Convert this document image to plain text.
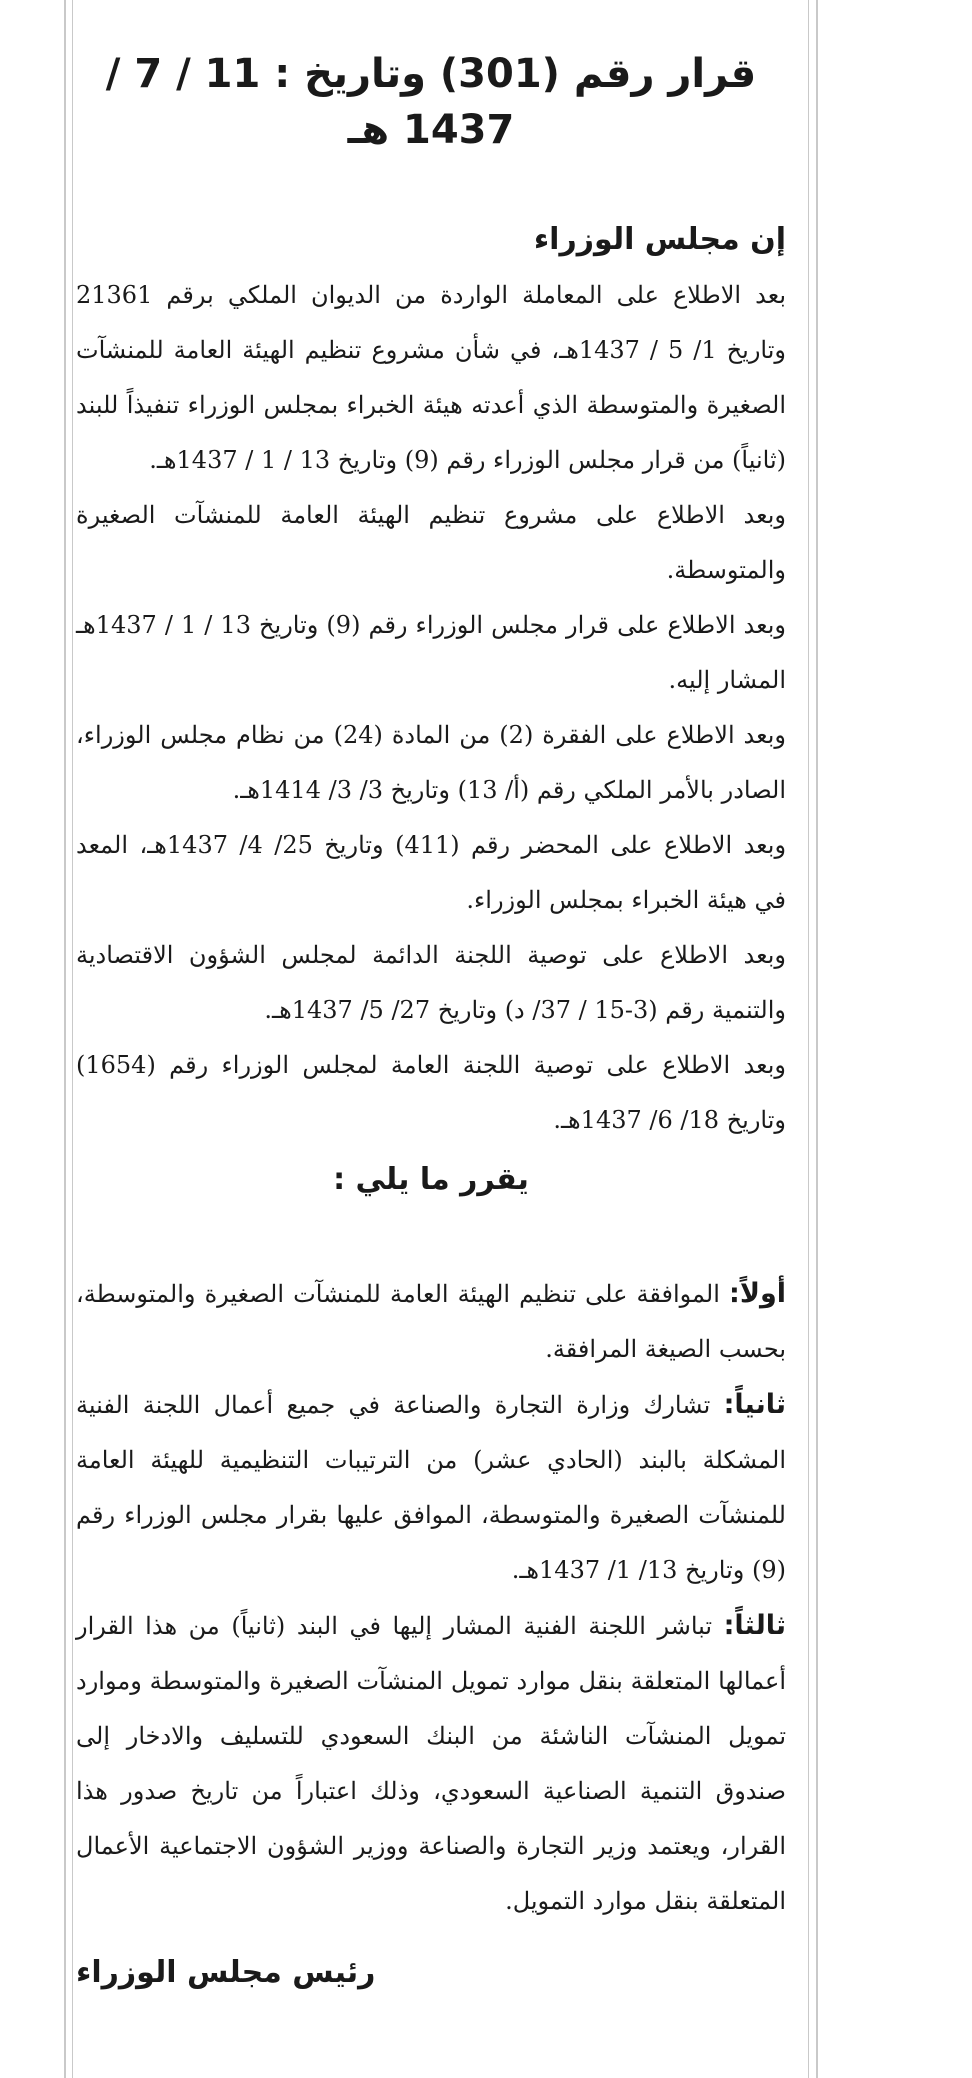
قرار رقم (301) وتاريخ : 11 / 7 / 1437 هـ
إن مجلس الوزراء

بعد الاطلاع على المعاملة الواردة من الديوان الملكي برقم 21361 وتاريخ 1/ 5 / 1437هـ، في شأن مشروع تنظيم الهيئة العامة للمنشآت الصغيرة والمتوسطة الذي أعدته هيئة الخبراء بمجلس الوزراء تنفيذاً للبند (ثانياً) من قرار مجلس الوزراء رقم (9) وتاريخ 13 / 1 / 1437هـ.

وبعد الاطلاع على مشروع تنظيم الهيئة العامة للمنشآت الصغيرة والمتوسطة.

وبعد الاطلاع على قرار مجلس الوزراء رقم (9) وتاريخ 13 / 1 / 1437هـ المشار إليه.

وبعد الاطلاع على الفقرة (2) من المادة (24) من نظام مجلس الوزراء، الصادر بالأمر الملكي رقم (أ/ 13) وتاريخ 3/ 3/ 1414هـ.

وبعد الاطلاع على المحضر رقم (411) وتاريخ 25/ 4/ 1437هـ، المعد في هيئة الخبراء بمجلس الوزراء.

وبعد الاطلاع على توصية اللجنة الدائمة لمجلس الشؤون الاقتصادية والتنمية رقم (3-15 / 37/ د) وتاريخ 27/ 5/ 1437هـ.

وبعد الاطلاع على توصية اللجنة العامة لمجلس الوزراء رقم (1654) وتاريخ 18/ 6/ 1437هـ.

يقرر ما يلي :

أولاً: الموافقة على تنظيم الهيئة العامة للمنشآت الصغيرة والمتوسطة، بحسب الصيغة المرافقة.

ثانياً: تشارك وزارة التجارة والصناعة في جميع أعمال اللجنة الفنية المشكلة بالبند (الحادي عشر) من الترتيبات التنظيمية للهيئة العامة للمنشآت الصغيرة والمتوسطة، الموافق عليها بقرار مجلس الوزراء رقم (9) وتاريخ 13/ 1/ 1437هـ.

ثالثاً: تباشر اللجنة الفنية المشار إليها في البند (ثانياً) من هذا القرار أعمالها المتعلقة بنقل موارد تمويل المنشآت الصغيرة والمتوسطة وموارد تمويل المنشآت الناشئة من البنك السعودي للتسليف والادخار إلى صندوق التنمية الصناعية السعودي، وذلك اعتباراً من تاريخ صدور هذا القرار، ويعتمد وزير التجارة والصناعة ووزير الشؤون الاجتماعية الأعمال المتعلقة بنقل موارد التمويل.

رئيس مجلس الوزراء
